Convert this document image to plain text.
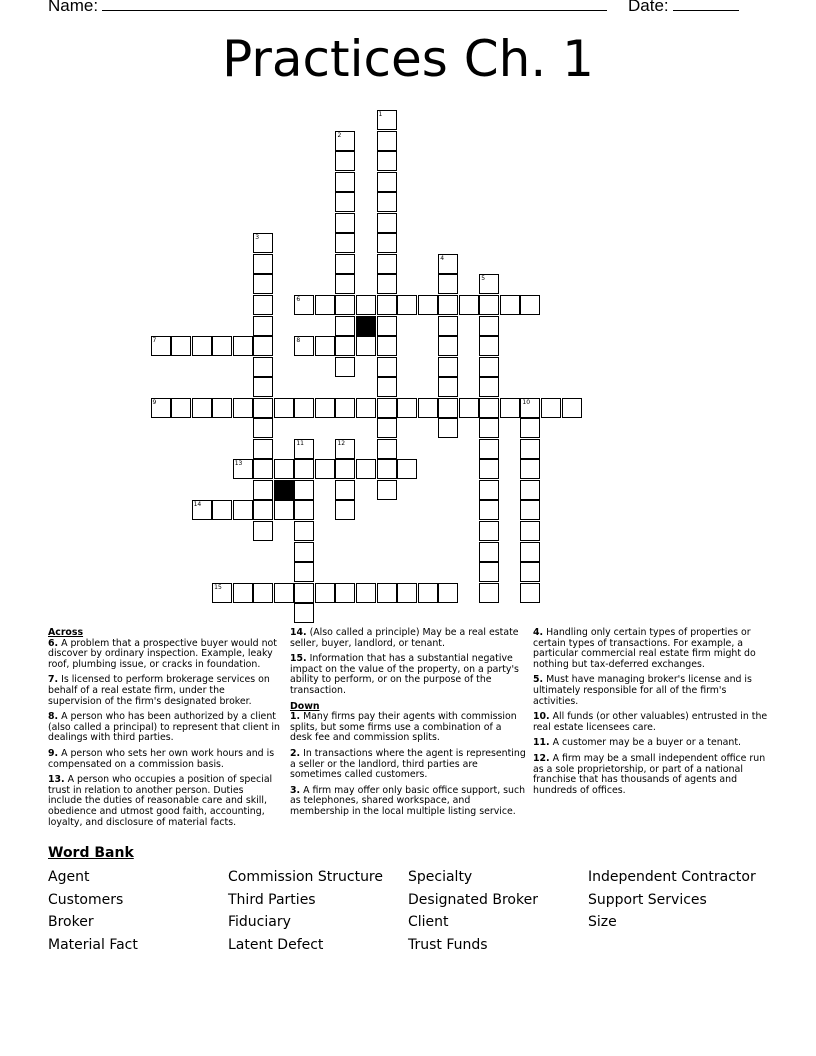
Name:	Date:
Practices Ch. 1
1
2
3
4
5
6
7	8
9	10
11	12
13
14
15
Across
6. A problem that a prospective buyer would not discover by ordinary inspection. Example, leaky roof, plumbing issue, or cracks in foundation.
7. Is licensed to perform brokerage services on behalf of a real estate firm, under the supervision of the firm's designated broker.
8. A person who has been authorized by a client (also called a principal) to represent that client in dealings with third parties.
9. A person who sets her own work hours and is compensated on a commission basis.
13. A person who occupies a position of special trust in relation to another person. Duties include the duties of reasonable care and skill, obedience and utmost good faith, accounting, loyalty, and disclosure of material facts.
14. (Also called a principle) May be a real estate seller, buyer, landlord, or tenant.
15. Information that has a substantial negative impact on the value of the property, on a party's ability to perform, or on the purpose of the transaction.
Down
1. Many firms pay their agents with commission splits, but some firms use a combination of a desk fee and commission splits.
2. In transactions where the agent is representing a seller or the landlord, third parties are sometimes called customers.
3. A firm may offer only basic office support, such as telephones, shared workspace, and membership in the local multiple listing service.
4. Handling only certain types of properties or certain types of transactions. For example, a particular commercial real estate firm might do nothing but tax-deferred exchanges.
5. Must have managing broker's license and is ultimately responsible for all of the firm's activities.
10. All funds (or other valuables) entrusted in the real estate licensees care.
11. A customer may be a buyer or a tenant.
12. A firm may be a small independent office run as a sole proprietorship, or part of a national franchise that has thousands of agents and hundreds of offices.
Word Bank
Agent	Commission Structure	Specialty	Independent Contractor
Customers	Third Parties	Designated Broker	Support Services
Broker	Fiduciary	Client	Size
Material Fact	Latent Defect	Trust Funds
